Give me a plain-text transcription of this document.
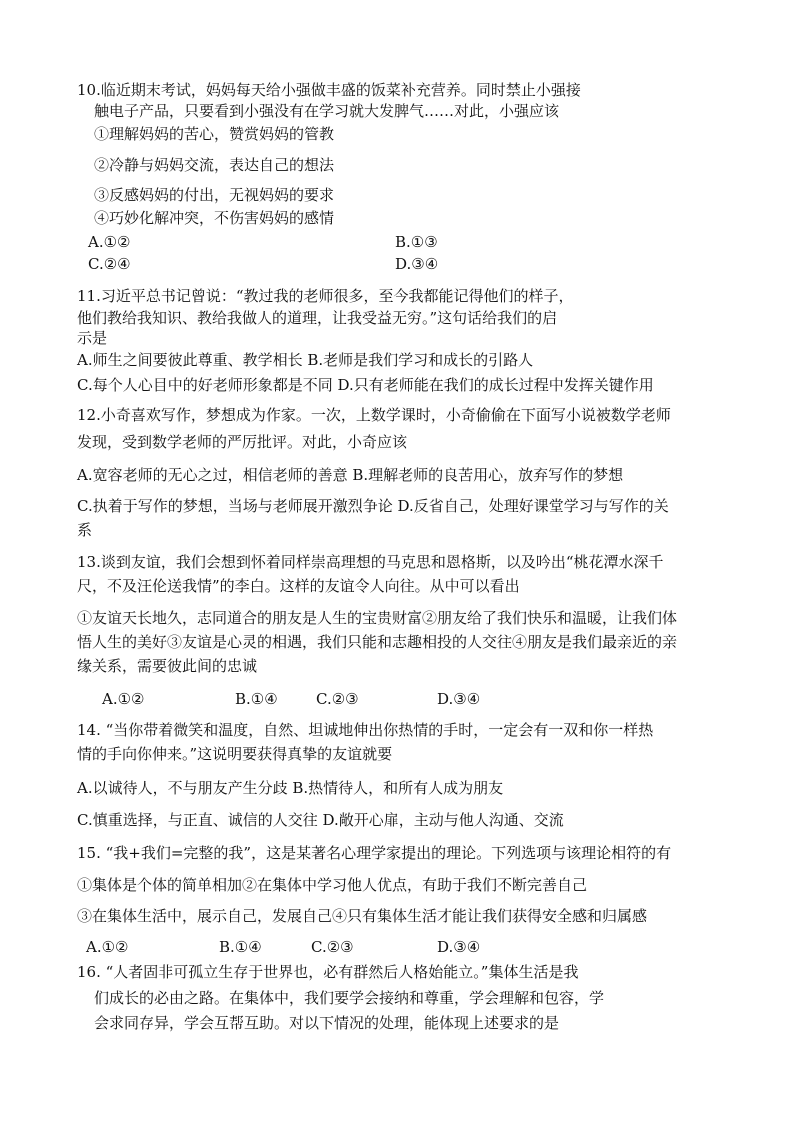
10.临近期末考试，妈妈每天给小强做丰盛的饭菜补充营养。同时禁止小强接
触电子产品，只要看到小强没有在学习就大发脾气……对此，小强应该
①理解妈妈的苦心，赞赏妈妈的管教
②冷静与妈妈交流，表达自己的想法
③反感妈妈的付出，无视妈妈的要求
④巧妙化解冲突，不伤害妈妈的感情
A.①②	B.①③
C.②④	D.③④
11.习近平总书记曾说：“教过我的老师很多，至今我都能记得他们的样子，
他们教给我知识、教给我做人的道理，让我受益无穷。”这句话给我们的启
示是
A.师生之间要彼此尊重、教学相长 B.老师是我们学习和成长的引路人
C.每个人心目中的好老师形象都是不同 D.只有老师能在我们的成长过程中发挥关键作用
12.小奇喜欢写作，梦想成为作家。一次，上数学课时，小奇偷偷在下面写小说被数学老师
发现，受到数学老师的严厉批评。对此，小奇应该
A.宽容老师的无心之过，相信老师的善意 B.理解老师的良苦用心，放弃写作的梦想
C.执着于写作的梦想，当场与老师展开激烈争论 D.反省自己，处理好课堂学习与写作的关
系
13.谈到友谊，我们会想到怀着同样崇高理想的马克思和恩格斯，以及吟出“桃花潭水深千
尺，不及汪伦送我情”的李白。这样的友谊令人向往。从中可以看出
①友谊天长地久，志同道合的朋友是人生的宝贵财富②朋友给了我们快乐和温暖，让我们体
悟人生的美好③友谊是心灵的相遇，我们只能和志趣相投的人交往④朋友是我们最亲近的亲
缘关系，需要彼此间的忠诚
A.①②	B.①④	C.②③	D.③④
14. “当你带着微笑和温度，自然、坦诚地伸出你热情的手时，一定会有一双和你一样热
情的手向你伸来。”这说明要获得真挚的友谊就要
A.以诚待人，不与朋友产生分歧 B.热情待人，和所有人成为朋友
C.慎重选择，与正直、诚信的人交往 D.敞开心扉，主动与他人沟通、交流
15. “我+我们=完整的我”，这是某著名心理学家提出的理论。下列选项与该理论相符的有
①集体是个体的简单相加②在集体中学习他人优点，有助于我们不断完善自己
③在集体生活中，展示自己，发展自己④只有集体生活才能让我们获得安全感和归属感
A.①②	B.①④	C.②③	D.③④
16. “人者固非可孤立生存于世界也，必有群然后人格始能立。”集体生活是我
们成长的必由之路。在集体中，我们要学会接纳和尊重，学会理解和包容，学
会求同存异，学会互帮互助。对以下情况的处理，能体现上述要求的是
